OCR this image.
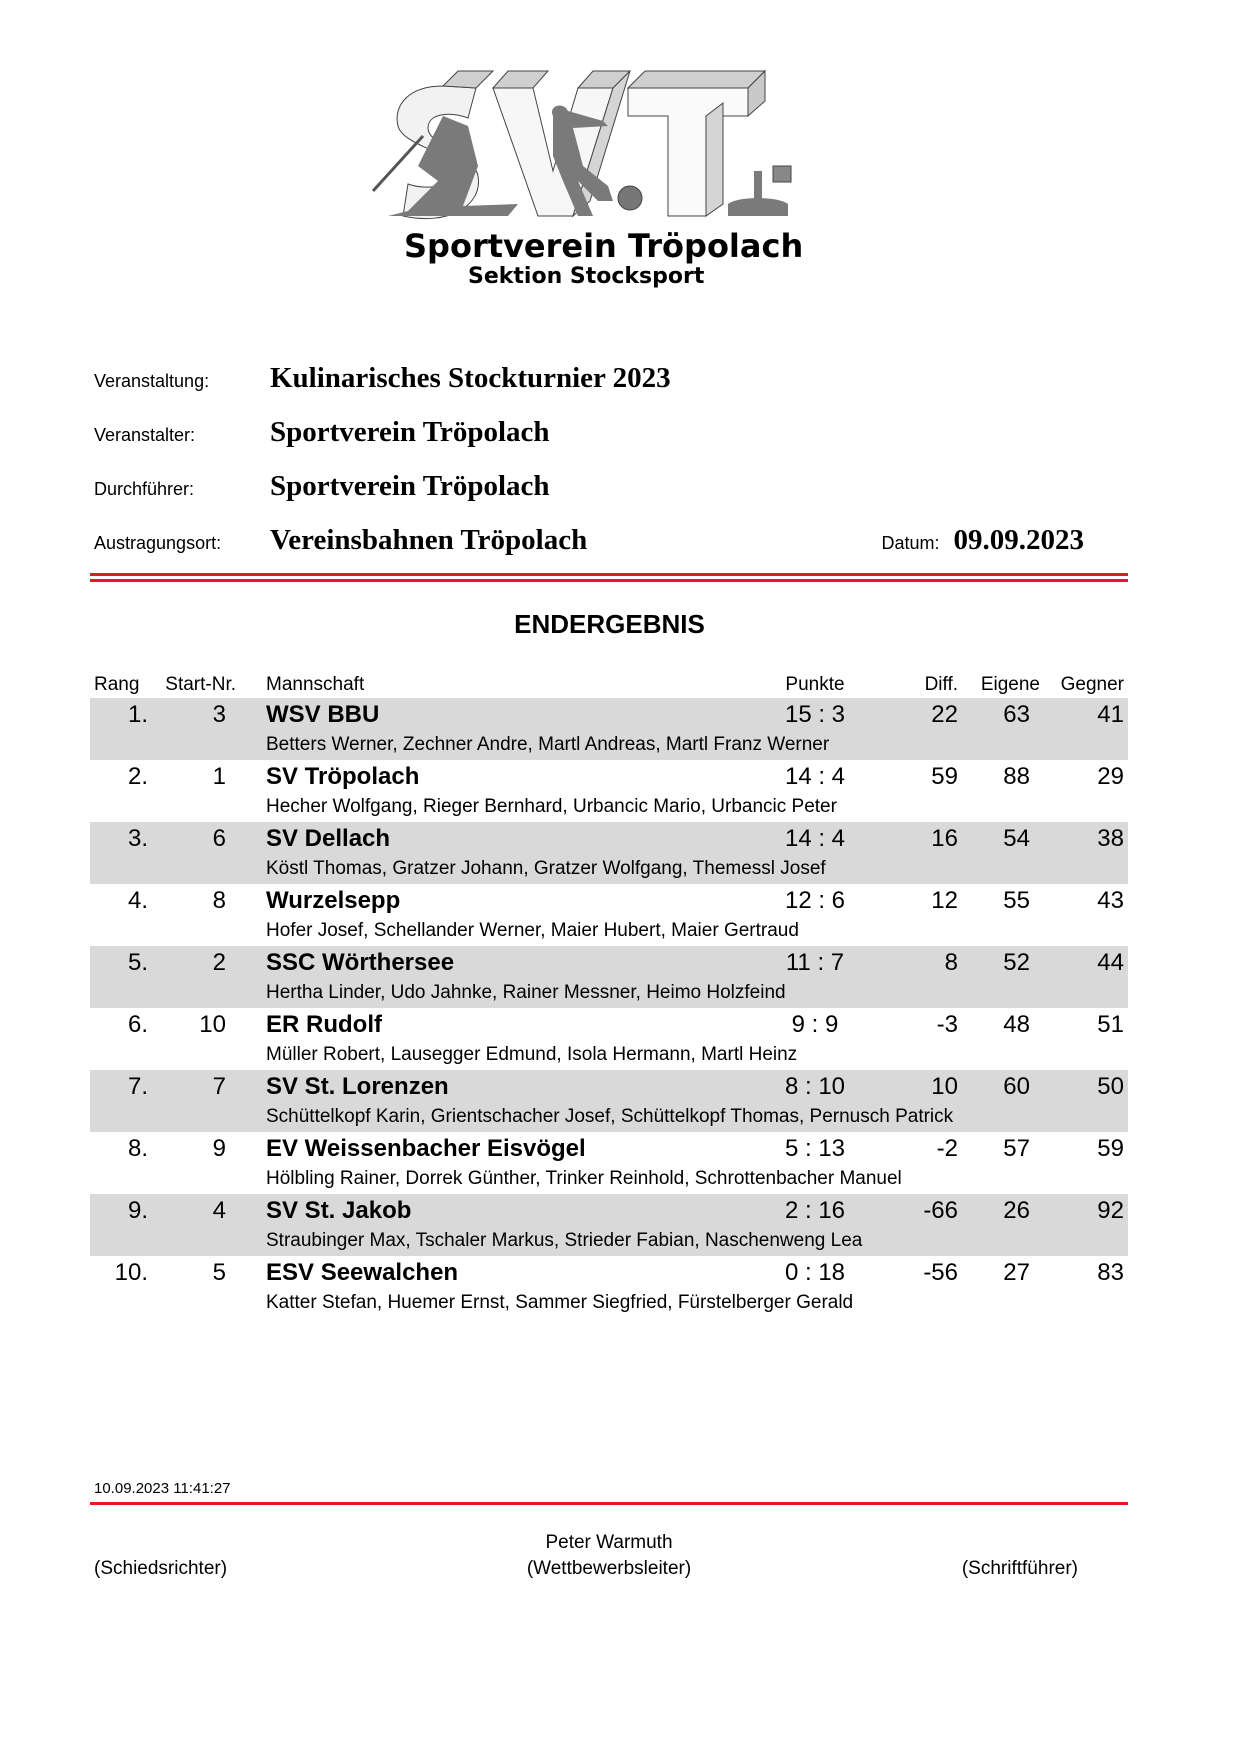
Sportverein Tröpolach
Sektion Stocksport
Veranstaltung:	Kulinarisches Stockturnier 2023
Veranstalter:	Sportverein Tröpolach
Durchführer:	Sportverein Tröpolach
Austragungsort:	Vereinsbahnen Tröpolach	Datum: 09.09.2023
ENDERGEBNIS
Rang	Start-Nr.	Mannschaft	Punkte	Diff.	Eigene	Gegner
1.	3	WSV BBU	15 : 3	22	63	41
Betters Werner, Zechner Andre, Martl Andreas, Martl Franz Werner
2.	1	SV Tröpolach	14 : 4	59	88	29
Hecher Wolfgang, Rieger Bernhard, Urbancic Mario, Urbancic Peter
3.	6	SV Dellach	14 : 4	16	54	38
Köstl Thomas, Gratzer Johann, Gratzer Wolfgang, Themessl Josef
4.	8	Wurzelsepp	12 : 6	12	55	43
Hofer Josef, Schellander Werner, Maier Hubert, Maier Gertraud
5.	2	SSC Wörthersee	11 : 7	8	52	44
Hertha Linder, Udo Jahnke, Rainer Messner, Heimo Holzfeind
6.	10	ER Rudolf	9 : 9	-3	48	51
Müller Robert, Lausegger Edmund, Isola Hermann, Martl Heinz
7.	7	SV St. Lorenzen	8 : 10	10	60	50
Schüttelkopf Karin, Grientschacher Josef, Schüttelkopf Thomas, Pernusch Patrick
8.	9	EV Weissenbacher Eisvögel	5 : 13	-2	57	59
Hölbling Rainer, Dorrek Günther, Trinker Reinhold, Schrottenbacher Manuel
9.	4	SV St. Jakob	2 : 16	-66	26	92
Straubinger Max, Tschaler Markus, Strieder Fabian, Naschenweng Lea
10.	5	ESV Seewalchen	0 : 18	-56	27	83
Katter Stefan, Huemer Ernst, Sammer Siegfried, Fürstelberger Gerald
10.09.2023 11:41:27
Peter Warmuth
(Schiedsrichter)	(Wettbewerbsleiter)	(Schriftführer)
